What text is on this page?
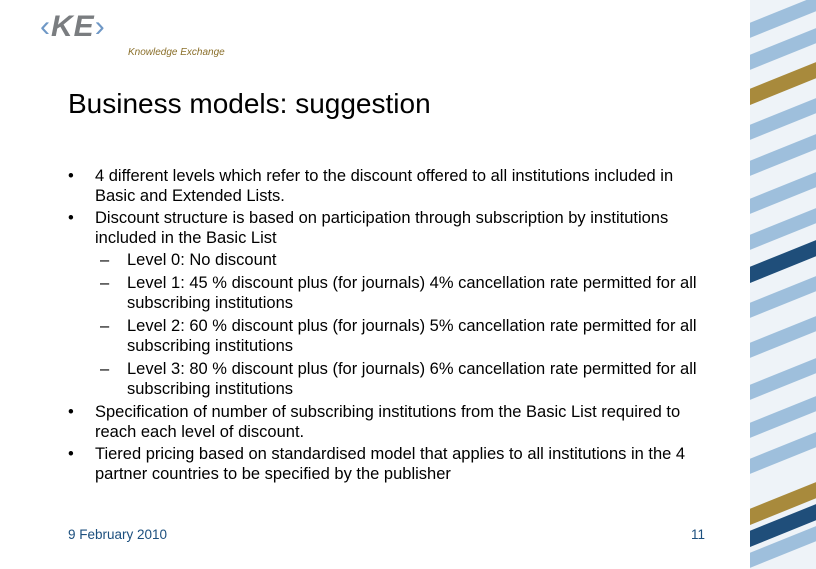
‹KE›
Knowledge Exchange
Business models: suggestion
• 4 different levels which refer to the discount offered to all institutions included in Basic and Extended Lists.
• Discount structure is based on participation through subscription by institutions included in the Basic List
– Level 0: No discount
– Level 1: 45 % discount plus (for journals) 4% cancellation rate permitted for all subscribing institutions
– Level 2: 60 % discount plus (for journals) 5% cancellation rate permitted for all subscribing institutions
– Level 3: 80 % discount plus (for journals) 6% cancellation rate permitted for all subscribing institutions
• Specification of number of subscribing institutions from the Basic List required to reach each level of discount.
• Tiered pricing based on standardised model that applies to all institutions in the 4 partner countries to be specified by the publisher
9 February 2010	11
